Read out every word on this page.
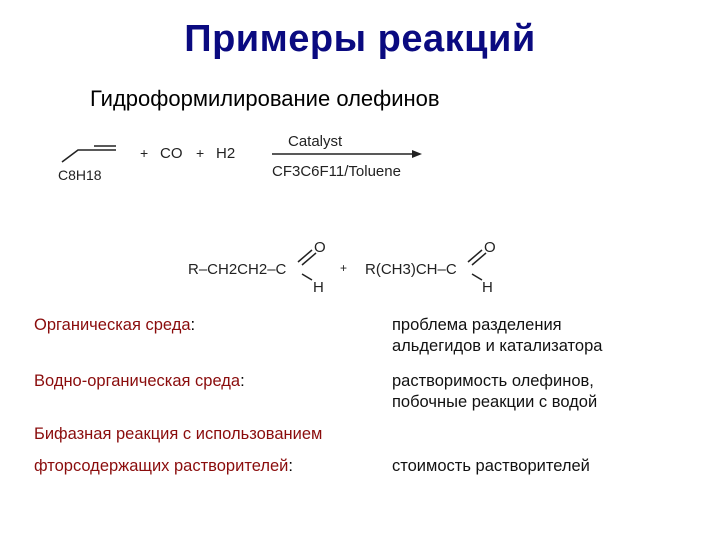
Примеры реакций
Гидроформилирование олефинов
C8H18
+ CO + H2
Catalyst
CF3C6F11/Toluene
R–CH2CH2–C
O
H
+ R(CH3)CH–C
O
H
Органическая среда:	проблема разделения
альдегидов и катализатора
Водно-органическая среда:	растворимость олефинов,
побочные реакции с водой
Бифазная реакция с использованием
фторсодержащих растворителей:	стоимость растворителей
